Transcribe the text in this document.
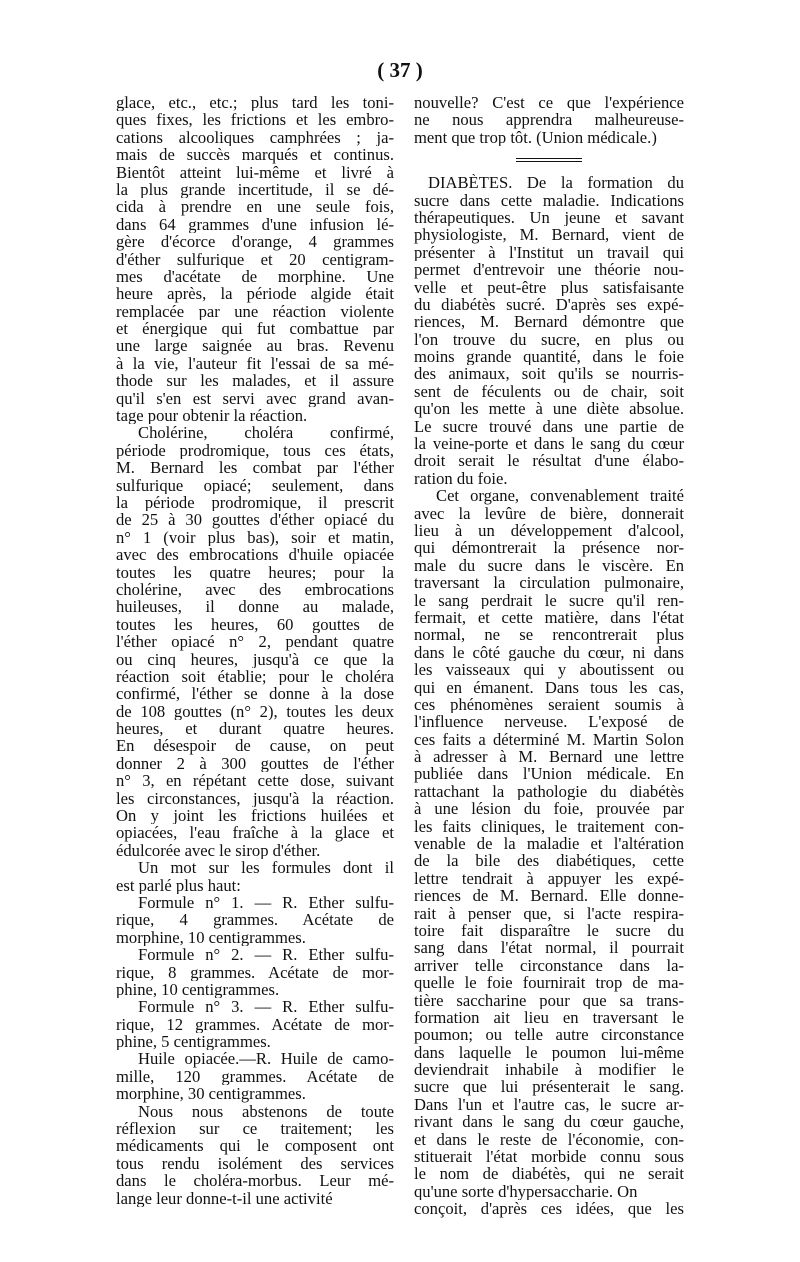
( 37 )
glace, etc., etc.; plus tard les toni-
ques fixes, les frictions et les embro-
cations alcooliques camphrées ; ja-
mais de succès marqués et continus.
Bientôt atteint lui-même et livré à
la plus grande incertitude, il se dé-
cida à prendre en une seule fois,
dans 64 grammes d'une infusion lé-
gère d'écorce d'orange, 4 grammes
d'éther sulfurique et 20 centigram-
mes d'acétate de morphine. Une
heure après, la période algide était
remplacée par une réaction violente
et énergique qui fut combattue par
une large saignée au bras. Revenu
à la vie, l'auteur fit l'essai de sa mé-
thode sur les malades, et il assure
qu'il s'en est servi avec grand avan-
tage pour obtenir la réaction.
Cholérine, choléra confirmé,
période prodromique, tous ces états,
M. Bernard les combat par l'éther
sulfurique opiacé; seulement, dans
la période prodromique, il prescrit
de 25 à 30 gouttes d'éther opiacé du
n° 1 (voir plus bas), soir et matin,
avec des embrocations d'huile opiacée
toutes les quatre heures; pour la
cholérine, avec des embrocations
huileuses, il donne au malade,
toutes les heures, 60 gouttes de
l'éther opiacé n° 2, pendant quatre
ou cinq heures, jusqu'à ce que la
réaction soit établie; pour le choléra
confirmé, l'éther se donne à la dose
de 108 gouttes (n° 2), toutes les deux
heures, et durant quatre heures.
En désespoir de cause, on peut
donner 2 à 300 gouttes de l'éther
n° 3, en répétant cette dose, suivant
les circonstances, jusqu'à la réaction.
On y joint les frictions huilées et
opiacées, l'eau fraîche à la glace et
édulcorée avec le sirop d'éther.
Un mot sur les formules dont il
est parlé plus haut:
Formule n° 1. — R. Ether sulfu-
rique, 4 grammes. Acétate de
morphine, 10 centigrammes.
Formule n° 2. — R. Ether sulfu-
rique, 8 grammes. Acétate de mor-
phine, 10 centigrammes.
Formule n° 3. — R. Ether sulfu-
rique, 12 grammes. Acétate de mor-
phine, 5 centigrammes.
Huile opiacée.—R. Huile de camo-
mille, 120 grammes. Acétate de
morphine, 30 centigrammes.
Nous nous abstenons de toute
réflexion sur ce traitement; les
médicaments qui le composent ont
tous rendu isolément des services
dans le choléra-morbus. Leur mé-
lange leur donne-t-il une activité
nouvelle? C'est ce que l'expérience
ne nous apprendra malheureuse-
ment que trop tôt. (Union médicale.)
DIABÈTES. De la formation du
sucre dans cette maladie. Indications
thérapeutiques. Un jeune et savant
physiologiste, M. Bernard, vient de
présenter à l'Institut un travail qui
permet d'entrevoir une théorie nou-
velle et peut-être plus satisfaisante
du diabétès sucré. D'après ses expé-
riences, M. Bernard démontre que
l'on trouve du sucre, en plus ou
moins grande quantité, dans le foie
des animaux, soit qu'ils se nourris-
sent de féculents ou de chair, soit
qu'on les mette à une diète absolue.
Le sucre trouvé dans une partie de
la veine-porte et dans le sang du cœur
droit serait le résultat d'une élabo-
ration du foie.
Cet organe, convenablement traité
avec la levûre de bière, donnerait
lieu à un développement d'alcool,
qui démontrerait la présence nor-
male du sucre dans le viscère. En
traversant la circulation pulmonaire,
le sang perdrait le sucre qu'il ren-
fermait, et cette matière, dans l'état
normal, ne se rencontrerait plus
dans le côté gauche du cœur, ni dans
les vaisseaux qui y aboutissent ou
qui en émanent. Dans tous les cas,
ces phénomènes seraient soumis à
l'influence nerveuse. L'exposé de
ces faits a déterminé M. Martin Solon
à adresser à M. Bernard une lettre
publiée dans l'Union médicale. En
rattachant la pathologie du diabétès
à une lésion du foie, prouvée par
les faits cliniques, le traitement con-
venable de la maladie et l'altération
de la bile des diabétiques, cette
lettre tendrait à appuyer les expé-
riences de M. Bernard. Elle donne-
rait à penser que, si l'acte respira-
toire fait disparaître le sucre du
sang dans l'état normal, il pourrait
arriver telle circonstance dans la-
quelle le foie fournirait trop de ma-
tière saccharine pour que sa trans-
formation ait lieu en traversant le
poumon; ou telle autre circonstance
dans laquelle le poumon lui-même
deviendrait inhabile à modifier le
sucre que lui présenterait le sang.
Dans l'un et l'autre cas, le sucre ar-
rivant dans le sang du cœur gauche,
et dans le reste de l'économie, con-
stituerait l'état morbide connu sous
le nom de diabétès, qui ne serait
qu'une sorte d'hypersaccharie. On
conçoit, d'après ces idées, que les
